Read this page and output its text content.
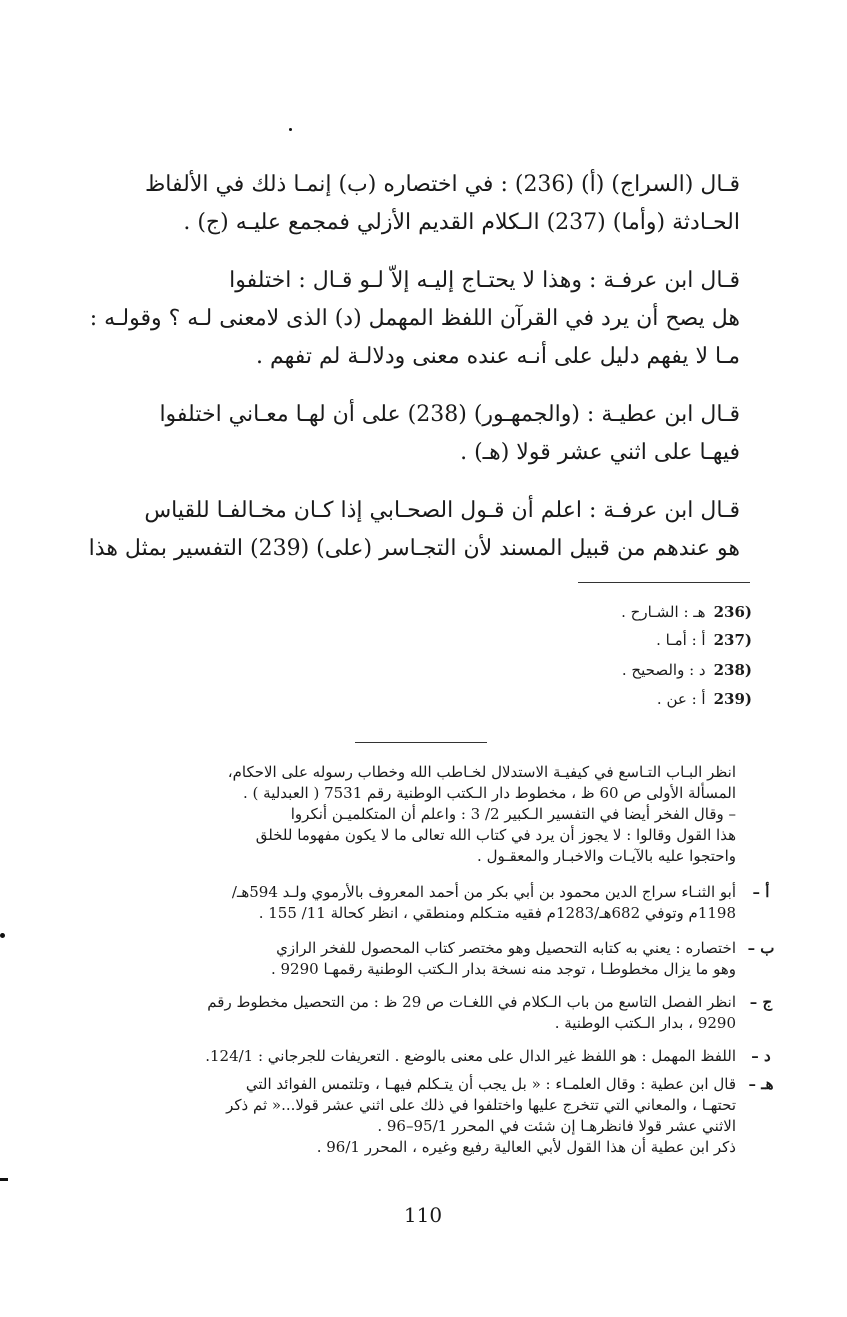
قـال (السراج) (أ) (236) : في اختصاره (ب) إنمـا ذلك في الألفاظ
الحـادثة (وأما) (237) الـكلام القديم الأزلي فمجمع عليـه (ج) .
قـال ابن عرفـة : وهذا لا يحتـاج إليـه إلاّ لـو قـال : اختلفوا
هل يصح أن يرد في القرآن اللفظ المهمل (د) الذى لامعنى لـه ؟ وقولـه :
مـا لا يفهم دليل على أنـه عنده معنى ودلالـة لم تفهم .
قـال ابن عطيـة : (والجمهـور) (238) على أن لهـا معـاني اختلفوا
فيهـا على اثني عشر قولا (هـ) .
قـال ابن عرفـة : اعلم أن قـول الصحـابي إذا كـان مخـالفـا للقياس
هو عندهم من قبيل المسند لأن التجـاسر (على) (239) التفسير بمثل هذا
236)هـ : الشـارح .
237)أ : أمـا .
238)د : والصحيح .
239)أ : عن .
انظر البـاب التـاسع في كيفيـة الاستدلال لخـاطب الله وخطاب رسوله على الاحكام،
المسألة الأولى ص 60 ظ ، مخطوط دار الـكتب الوطنية رقم 7531 ( العبدلية ) .
– وقال الفخر أيضا في التفسير الـكبير 2/ 3 : واعلم أن المتكلميـن أنكروا
هذا القول وقالوا : لا يجوز أن يرد في كتاب الله تعالى ما لا يكون مفهوما للخلق
واحتجوا عليه بالآيـات والاخبـار والمعقـول .
أ –
أبو الثنـاء سراج الدين محمود بن أبي بكر من أحمد المعروف بالأرموي ولـد 594هـ/
1198م وتوفي 682هـ/1283م فقيه متـكلم ومنطقي ، انظر كحالة 11/ 155 .
ب –
اختصاره : يعني به كتابه التحصيل وهو مختصر كتاب المحصول للفخر الرازي
وهو ما يزال مخطوطـا ، توجد منه نسخة بدار الـكتب الوطنية رقمهـا 9290 .
ج –
انظر الفصل التاسع من باب الـكلام في اللغـات ص 29 ظ : من التحصيل مخطوط رقم
9290 ، بدار الـكتب الوطنية .
د –
اللفظ المهمل : هو اللفظ غير الدال على معنى بالوضع . التعريفات للجرجاني : 124/1.
هـ –
قال ابن عطية : وقال العلمـاء : « بل يجب أن يتـكلم فيهـا ، وتلتمس الفوائد التي
تحتهـا ، والمعاني التي تتخرج عليها واختلفوا في ذلك على اثني عشر قولا...« ثم ذكر
الاثني عشر قولا فانظرهـا إن شئت في المحرر 95/1–96 .
ذكر ابن عطية أن هذا القول لأبي العالية رفيع وغيره ، المحرر 96/1 .
110
